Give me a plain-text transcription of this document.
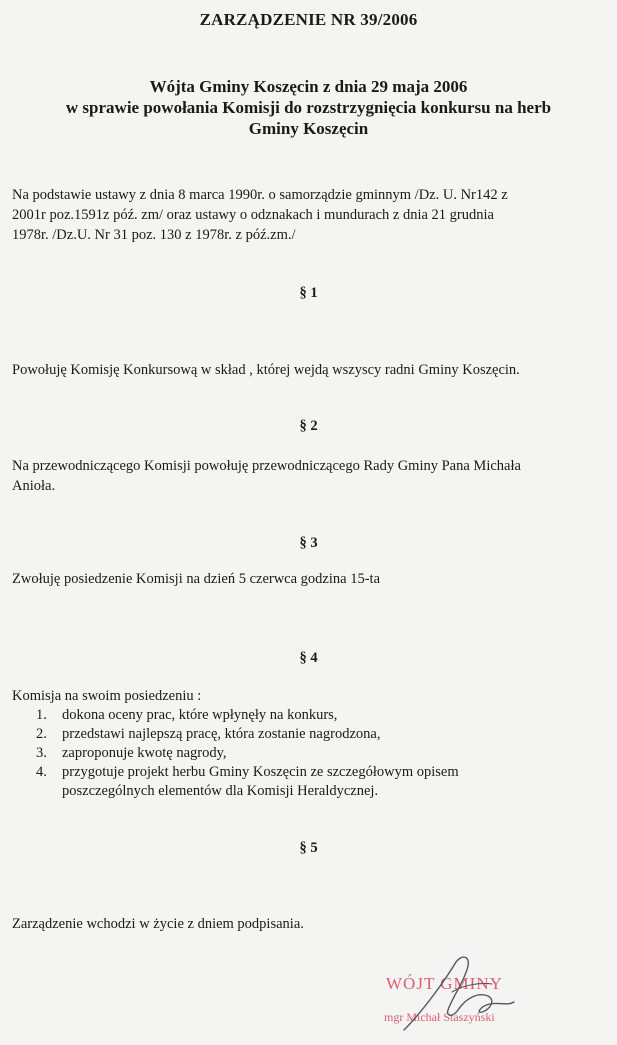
ZARZĄDZENIE NR 39/2006
Wójta Gminy Koszęcin z dnia 29 maja 2006
w sprawie powołania Komisji do rozstrzygnięcia konkursu na herb
Gminy Koszęcin
Na podstawie ustawy z dnia 8 marca 1990r. o samorządzie gminnym /Dz. U. Nr142 z
2001r poz.1591z póź. zm/ oraz ustawy o odznakach i mundurach z dnia 21 grudnia
1978r. /Dz.U. Nr 31 poz. 130 z 1978r. z póź.zm./
§ 1
Powołuję Komisję Konkursową w skład , której wejdą wszyscy radni Gminy Koszęcin.
§ 2
Na przewodniczącego Komisji powołuję przewodniczącego Rady Gminy Pana Michała
Anioła.
§ 3
Zwołuję posiedzenie Komisji na dzień 5 czerwca godzina 15-ta
§ 4
Komisja na swoim posiedzeniu :
1. dokona oceny prac, które wpłynęły na konkurs,
2. przedstawi najlepszą pracę, która zostanie nagrodzona,
3. zaproponuje kwotę nagrody,
4. przygotuje projekt herbu Gminy Koszęcin ze szczegółowym opisem
poszczególnych elementów dla Komisji Heraldycznej.
§ 5
Zarządzenie wchodzi w życie z dniem podpisania.
WÓJT GMINY
mgr Michał Staszyński
